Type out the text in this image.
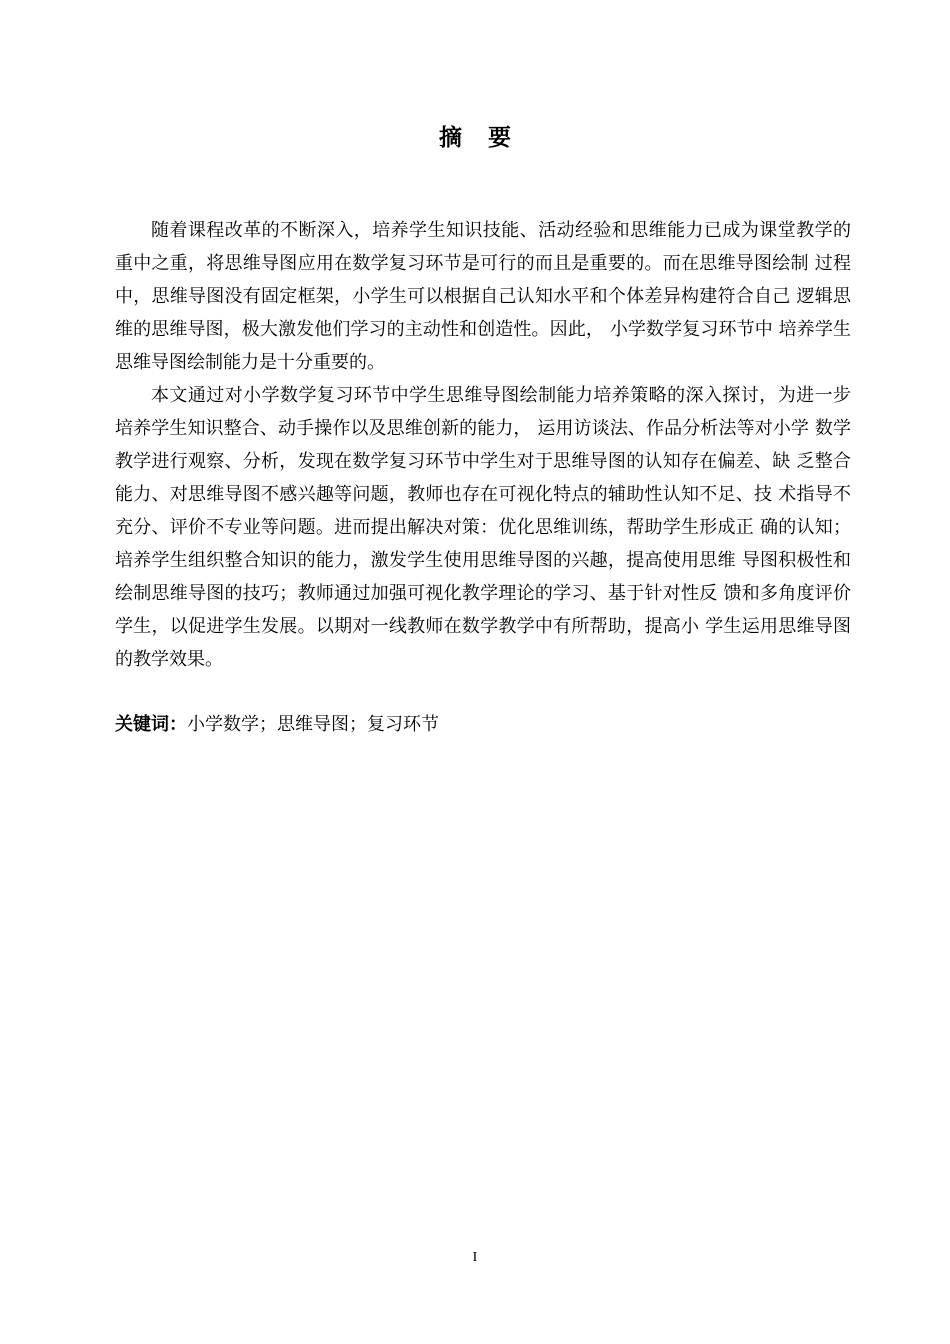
摘 要

随着课程改革的不断深入，培养学生知识技能、活动经验和思维能力已成为课堂教学的重中之重，将思维导图应用在数学复习环节是可行的而且是重要的。而在思维导图绘制 过程中，思维导图没有固定框架，小学生可以根据自己认知水平和个体差异构建符合自己 逻辑思维的思维导图，极大激发他们学习的主动性和创造性。因此， 小学数学复习环节中 培养学生思维导图绘制能力是十分重要的。

本文通过对小学数学复习环节中学生思维导图绘制能力培养策略的深入探讨，为进一步培养学生知识整合、动手操作以及思维创新的能力， 运用访谈法、作品分析法等对小学 数学教学进行观察、分析，发现在数学复习环节中学生对于思维导图的认知存在偏差、缺 乏整合能力、对思维导图不感兴趣等问题，教师也存在可视化特点的辅助性认知不足、技 术指导不充分、评价不专业等问题。进而提出解决对策：优化思维训练，帮助学生形成正 确的认知；培养学生组织整合知识的能力，激发学生使用思维导图的兴趣，提高使用思维 导图积极性和绘制思维导图的技巧；教师通过加强可视化教学理论的学习、基于针对性反 馈和多角度评价学生，以促进学生发展。以期对一线教师在数学教学中有所帮助，提高小 学生运用思维导图的教学效果。

关键词：小学数学；思维导图；复习环节
I
